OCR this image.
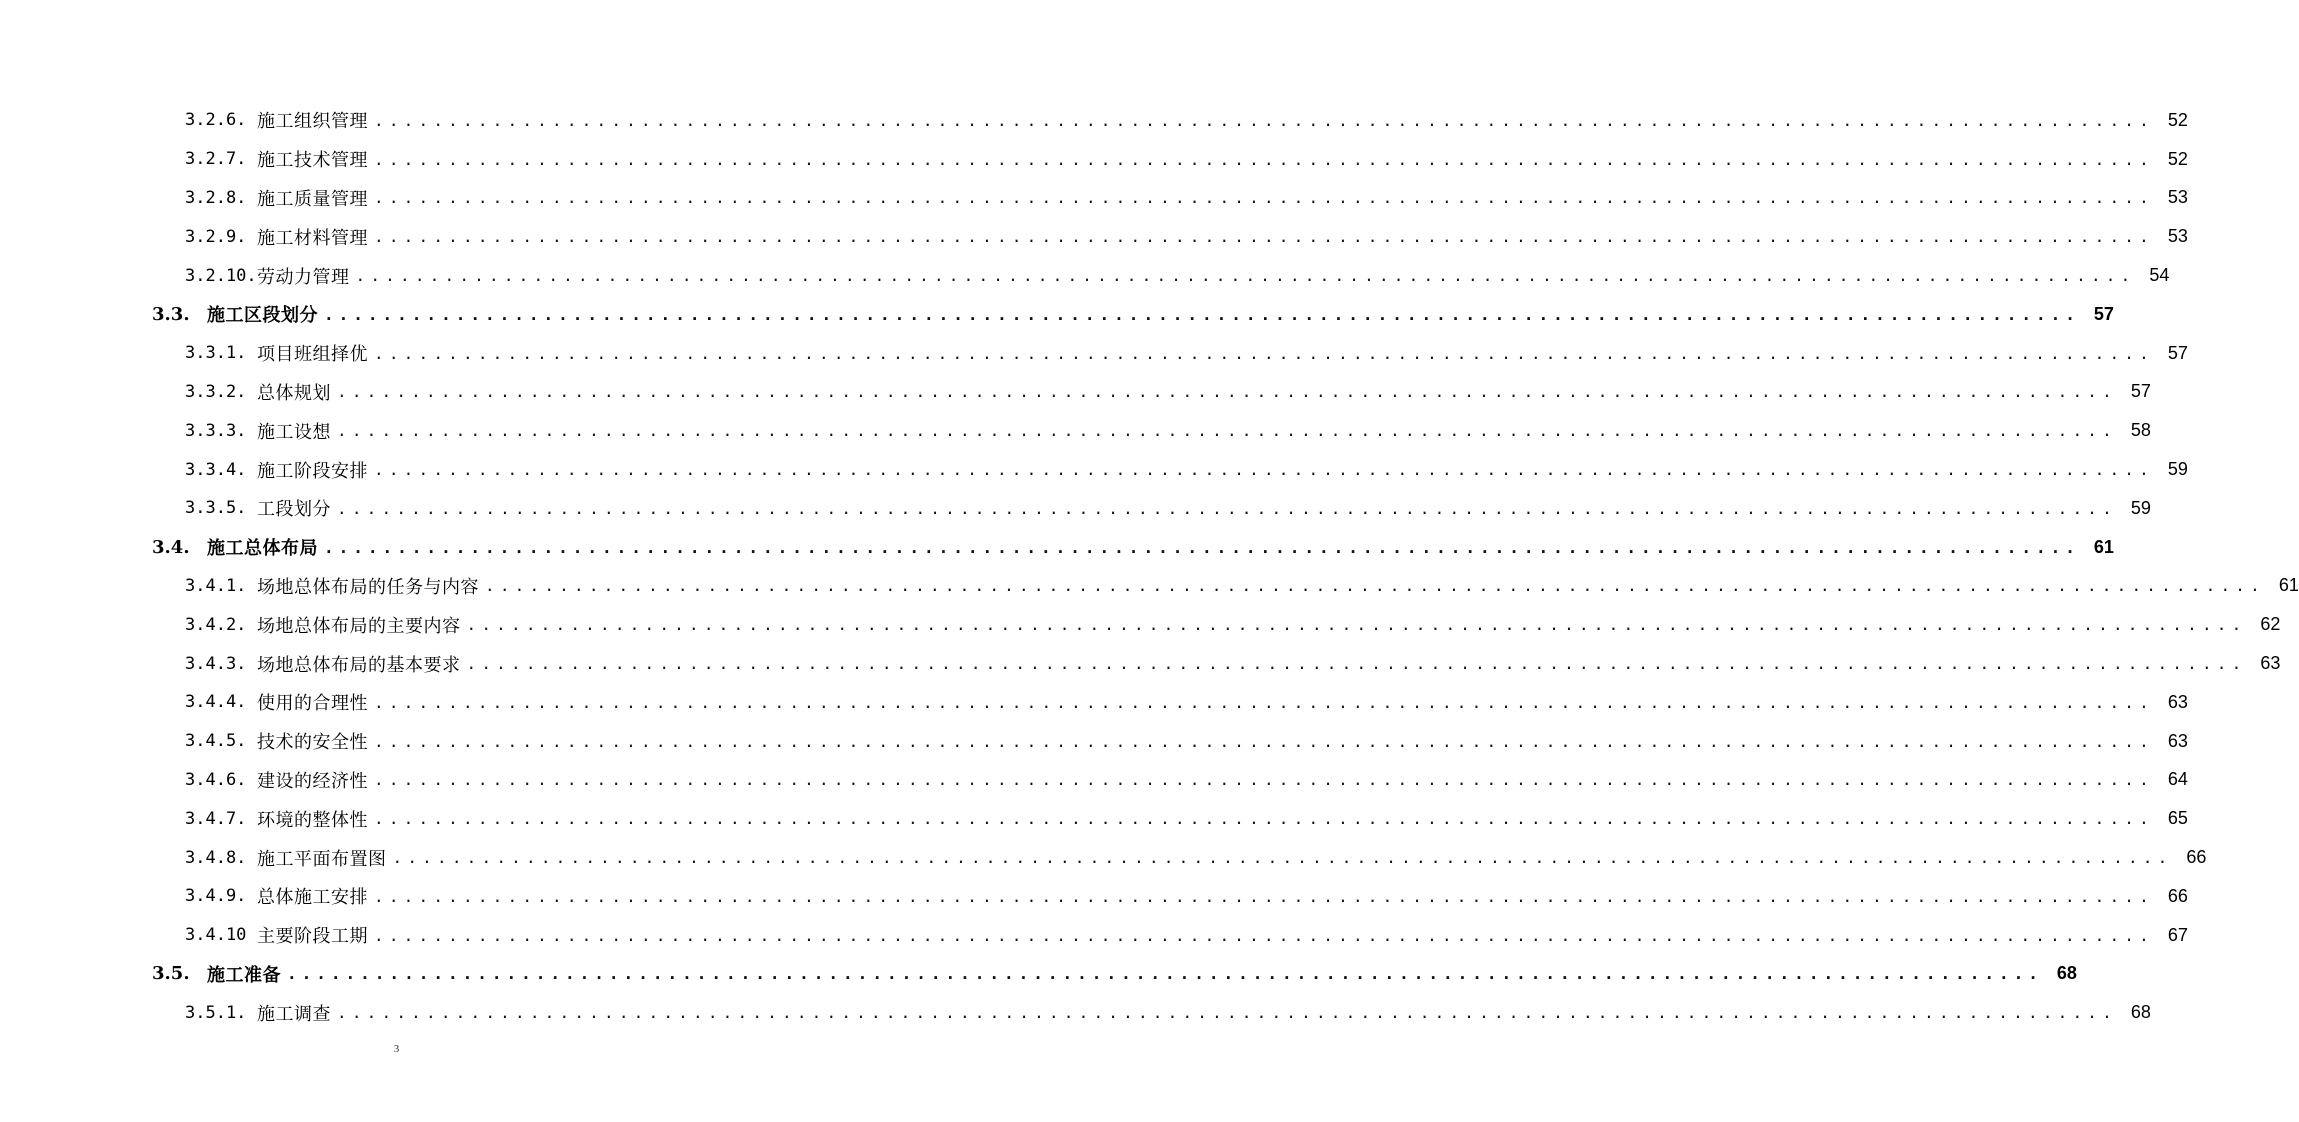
3.2.6. 施工组织管理 ........................................................................................................................ 52
3.2.7. 施工技术管理 ........................................................................................................................ 52
3.2.8. 施工质量管理 ........................................................................................................................ 53
3.2.9. 施工材料管理 ........................................................................................................................ 53
3.2.10. 劳动力管理 ........................................................................................................................ 54
3.3. 施工区段划分 ........................................................................................................................ 57
3.3.1. 项目班组择优 ........................................................................................................................ 57
3.3.2. 总体规划 ........................................................................................................................ 57
3.3.3. 施工设想 ........................................................................................................................ 58
3.3.4. 施工阶段安排 ........................................................................................................................ 59
3.3.5. 工段划分 ........................................................................................................................ 59
3.4. 施工总体布局 ........................................................................................................................ 61
3.4.1. 场地总体布局的任务与内容 ........................................................................................................................ 61
3.4.2. 场地总体布局的主要内容 ........................................................................................................................ 62
3.4.3. 场地总体布局的基本要求 ........................................................................................................................ 63
3.4.4. 使用的合理性 ........................................................................................................................ 63
3.4.5. 技术的安全性 ........................................................................................................................ 63
3.4.6. 建设的经济性 ........................................................................................................................ 64
3.4.7. 环境的整体性 ........................................................................................................................ 65
3.4.8. 施工平面布置图 ........................................................................................................................ 66
3.4.9. 总体施工安排 ........................................................................................................................ 66
3.4.10 主要阶段工期 ........................................................................................................................ 67
3.5. 施工准备 ........................................................................................................................ 68
3.5.1. 施工调查 ........................................................................................................................ 68
3
